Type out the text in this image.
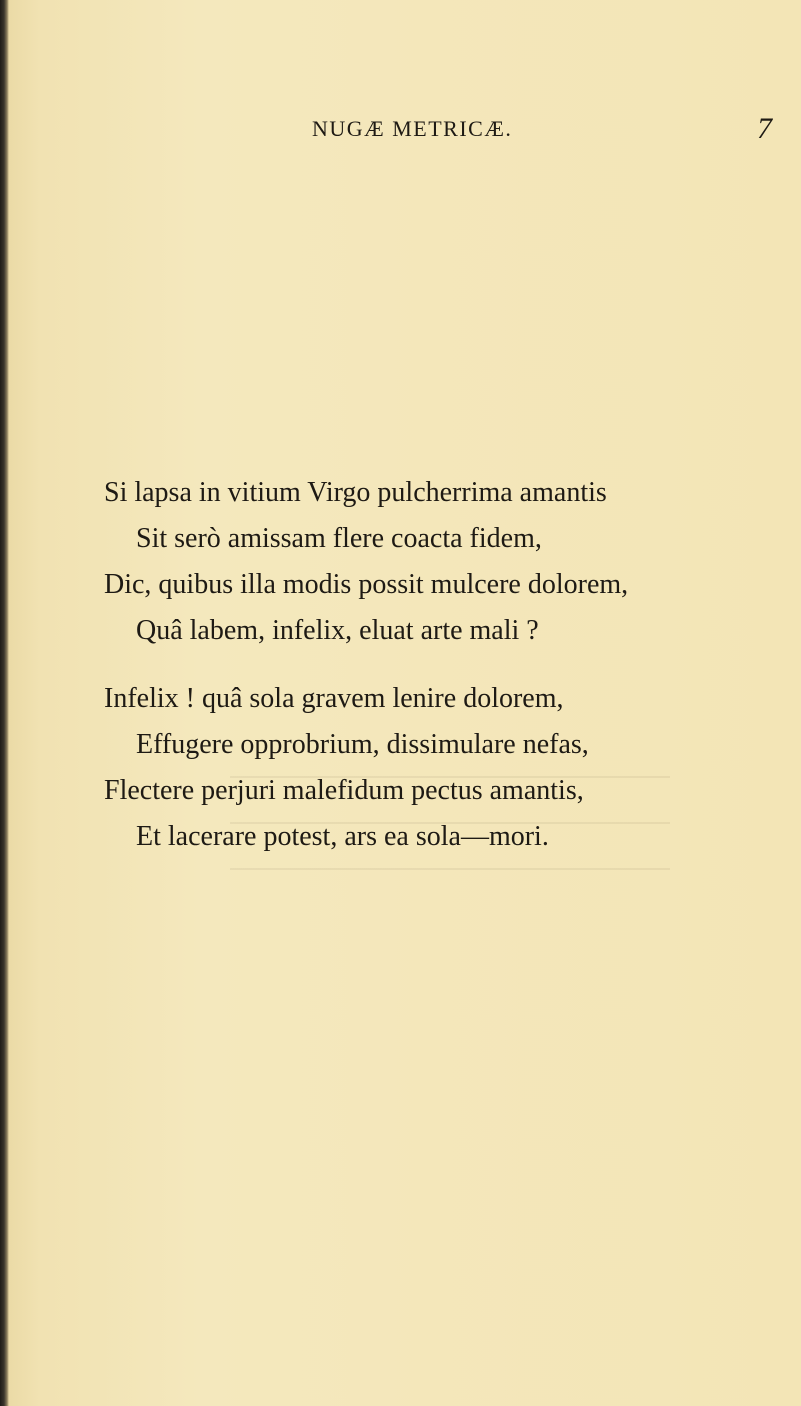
NUGÆ METRICÆ.	7
Si lapsa in vitium Virgo pulcherrima amantis
Sit serò amissam flere coacta fidem,
Dic, quibus illa modis possit mulcere dolorem,
Quâ labem, infelix, eluat arte mali ?
Infelix ! quâ sola gravem lenire dolorem,
Effugere opprobrium, dissimulare nefas,
Flectere perjuri malefidum pectus amantis,
Et lacerare potest, ars ea sola—mori.
